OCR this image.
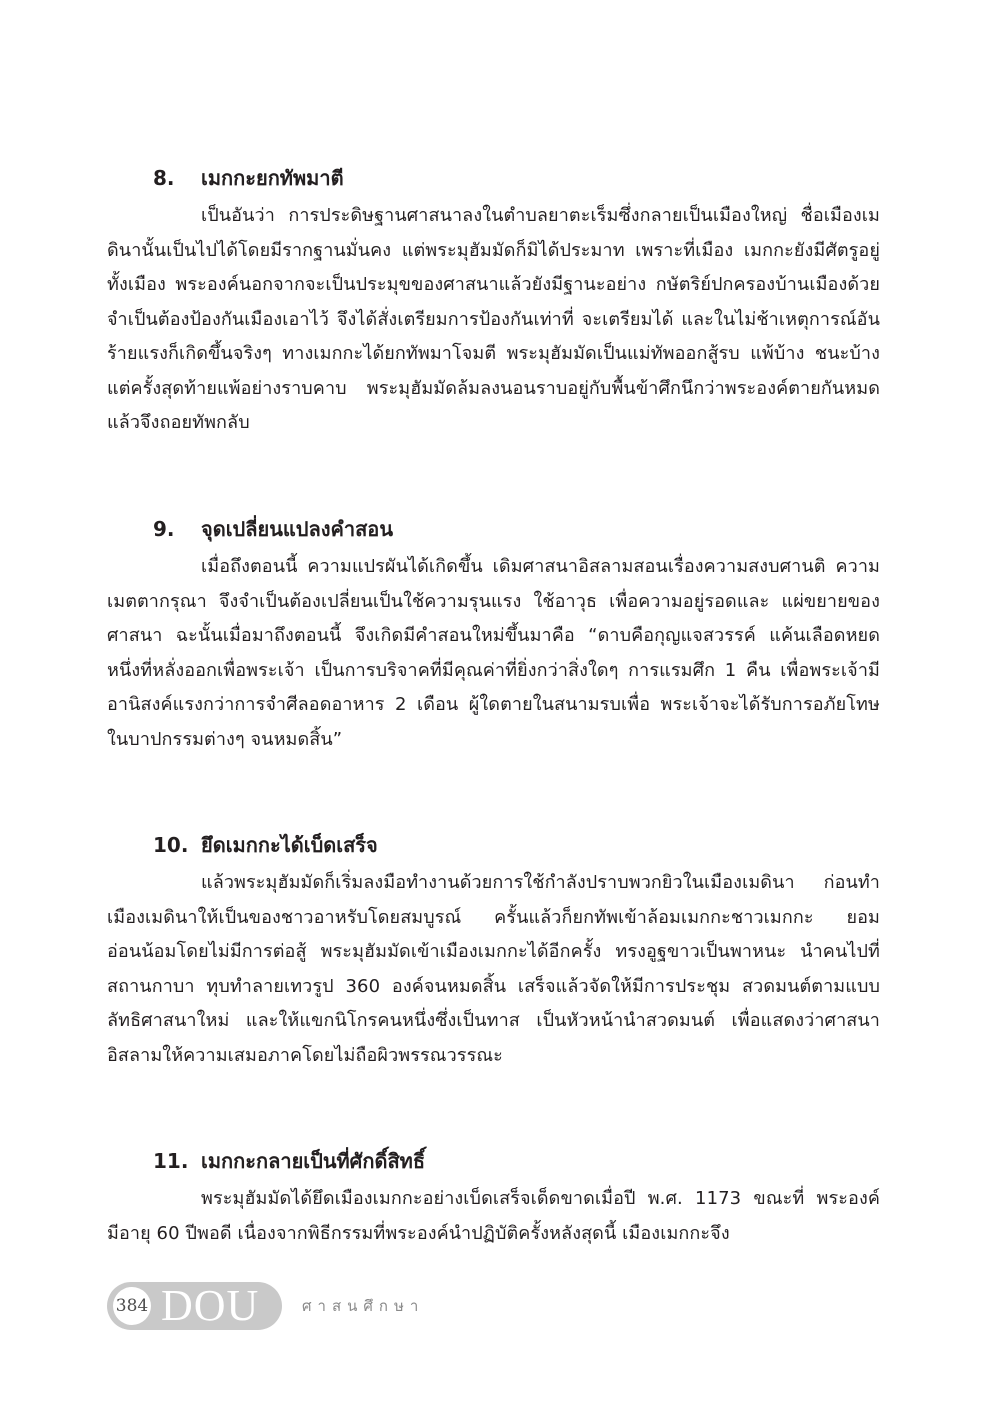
8.	เมกกะยกทัพมาตี

เป็นอันว่า การประดิษฐานศาสนาลงในตำบลยาตะเร็มซึ่งกลายเป็นเมืองใหญ่ ชื่อเมืองเมดินานั้นเป็นไปได้โดยมีรากฐานมั่นคง แต่พระมุฮัมมัดก็มิได้ประมาท เพราะที่เมือง เมกกะยังมีศัตรูอยู่ทั้งเมือง พระองค์นอกจากจะเป็นประมุขของศาสนาแล้วยังมีฐานะอย่าง กษัตริย์ปกครองบ้านเมืองด้วย จำเป็นต้องป้องกันเมืองเอาไว้ จึงได้สั่งเตรียมการป้องกันเท่าที่ จะเตรียมได้ และในไม่ช้าเหตุการณ์อันร้ายแรงก็เกิดขึ้นจริงๆ ทางเมกกะได้ยกทัพมาโจมตี พระมุฮัมมัดเป็นแม่ทัพออกสู้รบ แพ้บ้าง ชนะบ้าง แต่ครั้งสุดท้ายแพ้อย่างราบคาบ พระมุฮัมมัดล้มลงนอนราบอยู่กับพื้นข้าศึกนึกว่าพระองค์ตายกันหมดแล้วจึงถอยทัพกลับ

9.	จุดเปลี่ยนแปลงคำสอน

เมื่อถึงตอนนี้ ความแปรผันได้เกิดขึ้น เดิมศาสนาอิสลามสอนเรื่องความสงบศานติ ความเมตตากรุณา จึงจำเป็นต้องเปลี่ยนเป็นใช้ความรุนแรง ใช้อาวุธ เพื่อความอยู่รอดและ แผ่ขยายของศาสนา ฉะนั้นเมื่อมาถึงตอนนี้ จึงเกิดมีคำสอนใหม่ขึ้นมาคือ “ดาบคือกุญแจสวรรค์ แค้นเลือดหยดหนึ่งที่หลั่งออกเพื่อพระเจ้า เป็นการบริจาคที่มีคุณค่าที่ยิ่งกว่าสิ่งใดๆ การแรมศึก 1 คืน เพื่อพระเจ้ามีอานิสงค์แรงกว่าการจำศีลอดอาหาร 2 เดือน ผู้ใดตายในสนามรบเพื่อ พระเจ้าจะได้รับการอภัยโทษในบาปกรรมต่างๆ จนหมดสิ้น”

10. ยึดเมกกะได้เบ็ดเสร็จ

แล้วพระมุฮัมมัดก็เริ่มลงมือทำงานด้วยการใช้กำลังปราบพวกยิวในเมืองเมดินา ก่อนทำเมืองเมดินาให้เป็นของชาวอาหรับโดยสมบูรณ์ ครั้นแล้วก็ยกทัพเข้าล้อมเมกกะชาวเมกกะ ยอมอ่อนน้อมโดยไม่มีการต่อสู้ พระมุฮัมมัดเข้าเมืองเมกกะได้อีกครั้ง ทรงอูฐขาวเป็นพาหนะ นำคนไปที่สถานกาบา ทุบทำลายเทวรูป 360 องค์จนหมดสิ้น เสร็จแล้วจัดให้มีการประชุม สวดมนต์ตามแบบลัทธิศาสนาใหม่ และให้แขกนิโกรคนหนึ่งซึ่งเป็นทาส เป็นหัวหน้านำสวดมนต์ เพื่อแสดงว่าศาสนาอิสลามให้ความเสมอภาคโดยไม่ถือผิวพรรณวรรณะ

11. เมกกะกลายเป็นที่ศักดิ์สิทธิ์

พระมุฮัมมัดได้ยึดเมืองเมกกะอย่างเบ็ดเสร็จเด็ดขาดเมื่อปี พ.ศ. 1173 ขณะที่ พระองค์มีอายุ 60 ปีพอดี เนื่องจากพิธีกรรมที่พระองค์นำปฏิบัติครั้งหลังสุดนี้ เมืองเมกกะจึง

384 DOU	ศาสนศึกษา
